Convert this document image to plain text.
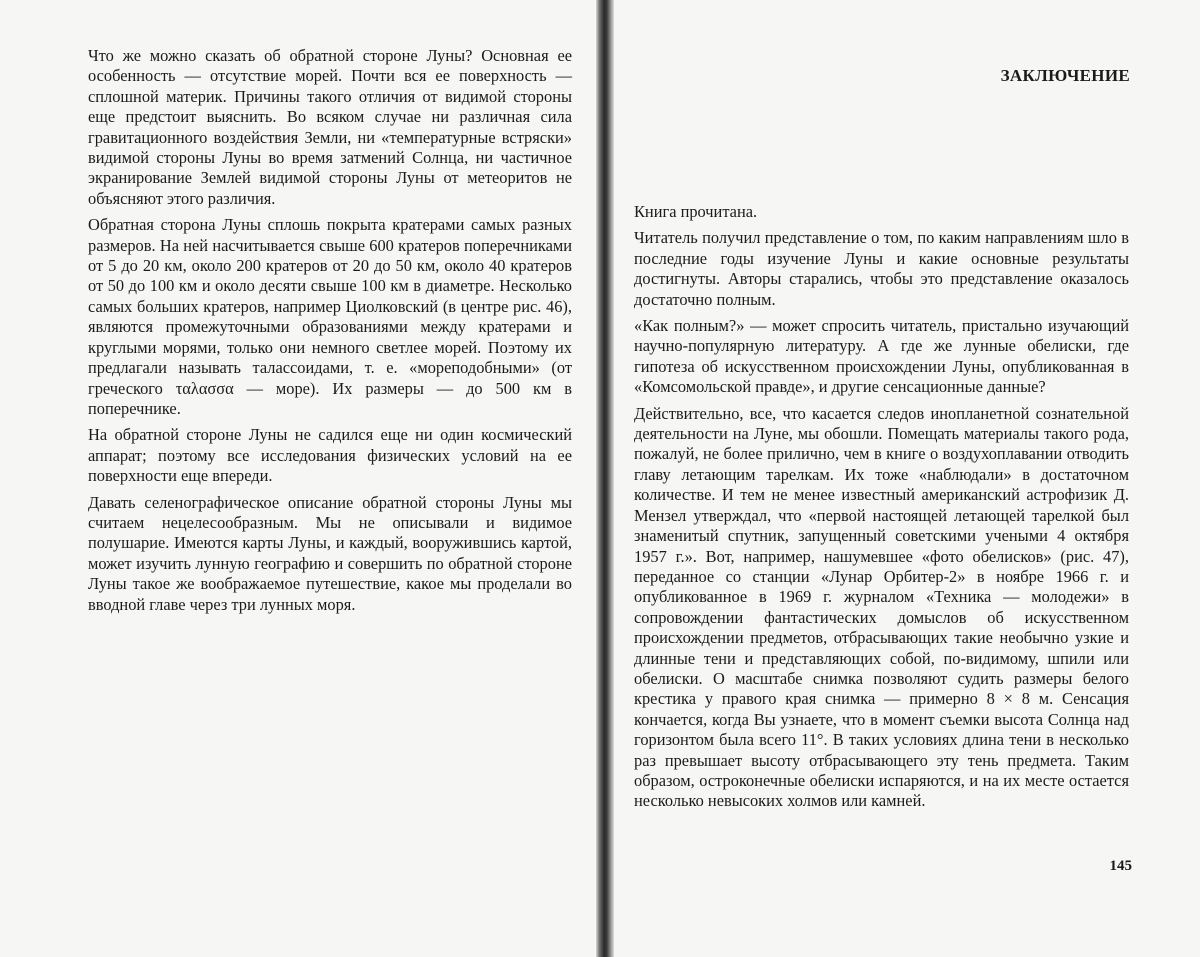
Что же можно сказать об обратной стороне Луны? Основная ее особенность — отсутствие морей. Почти вся ее поверхность — сплошной материк. Причины такого отличия от видимой стороны еще предстоит выяснить. Во всяком случае ни различная сила гравитационного воздействия Земли, ни «температурные встряски» видимой стороны Луны во время затмений Солнца, ни частичное экранирование Землей видимой стороны Луны от метеоритов не объясняют этого различия.

Обратная сторона Луны сплошь покрыта кратерами самых разных размеров. На ней насчитывается свыше 600 кратеров поперечниками от 5 до 20 км, около 200 кратеров от 20 до 50 км, около 40 кратеров от 50 до 100 км и около десяти свыше 100 км в диаметре. Несколько самых больших кратеров, например Циолковский (в центре рис. 46), являются промежуточными образованиями между кратерами и круглыми морями, только они немного светлее морей. Поэтому их предлагали называть талассоидами, т. е. «мореподобными» (от греческого ταλασσα — море). Их размеры — до 500 км в поперечнике.

На обратной стороне Луны не садился еще ни один космический аппарат; поэтому все исследования физических условий на ее поверхности еще впереди.

Давать селенографическое описание обратной стороны Луны мы считаем нецелесообразным. Мы не описывали и видимое полушарие. Имеются карты Луны, и каждый, вооружившись картой, может изучить лунную географию и совершить по обратной стороне Луны такое же воображаемое путешествие, какое мы проделали во вводной главе через три лунных моря.

ЗАКЛЮЧЕНИЕ

Книга прочитана.

Читатель получил представление о том, по каким направлениям шло в последние годы изучение Луны и какие основные результаты достигнуты. Авторы старались, чтобы это представление оказалось достаточно полным.

«Как полным?» — может спросить читатель, пристально изучающий научно-популярную литературу. А где же лунные обелиски, где гипотеза об искусственном происхождении Луны, опубликованная в «Комсомольской правде», и другие сенсационные данные?

Действительно, все, что касается следов инопланетной сознательной деятельности на Луне, мы обошли. Помещать материалы такого рода, пожалуй, не более прилично, чем в книге о воздухоплавании отводить главу летающим тарелкам. Их тоже «наблюдали» в достаточном количестве. И тем не менее известный американский астрофизик Д. Мензел утверждал, что «первой настоящей летающей тарелкой был знаменитый спутник, запущенный советскими учеными 4 октября 1957 г.». Вот, например, нашумевшее «фото обелисков» (рис. 47), переданное со станции «Лунар Орбитер-2» в ноябре 1966 г. и опубликованное в 1969 г. журналом «Техника — молодежи» в сопровождении фантастических домыслов об искусственном происхождении предметов, отбрасывающих такие необычно узкие и длинные тени и представляющих собой, по-видимому, шпили или обелиски. О масштабе снимка позволяют судить размеры белого крестика у правого края снимка — примерно 8 × 8 м. Сенсация кончается, когда Вы узнаете, что в момент съемки высота Солнца над горизонтом была всего 11°. В таких условиях длина тени в несколько раз превышает высоту отбрасывающего эту тень предмета. Таким образом, остроконечные обелиски испаряются, и на их месте остается несколько невысоких холмов или камней.

145
